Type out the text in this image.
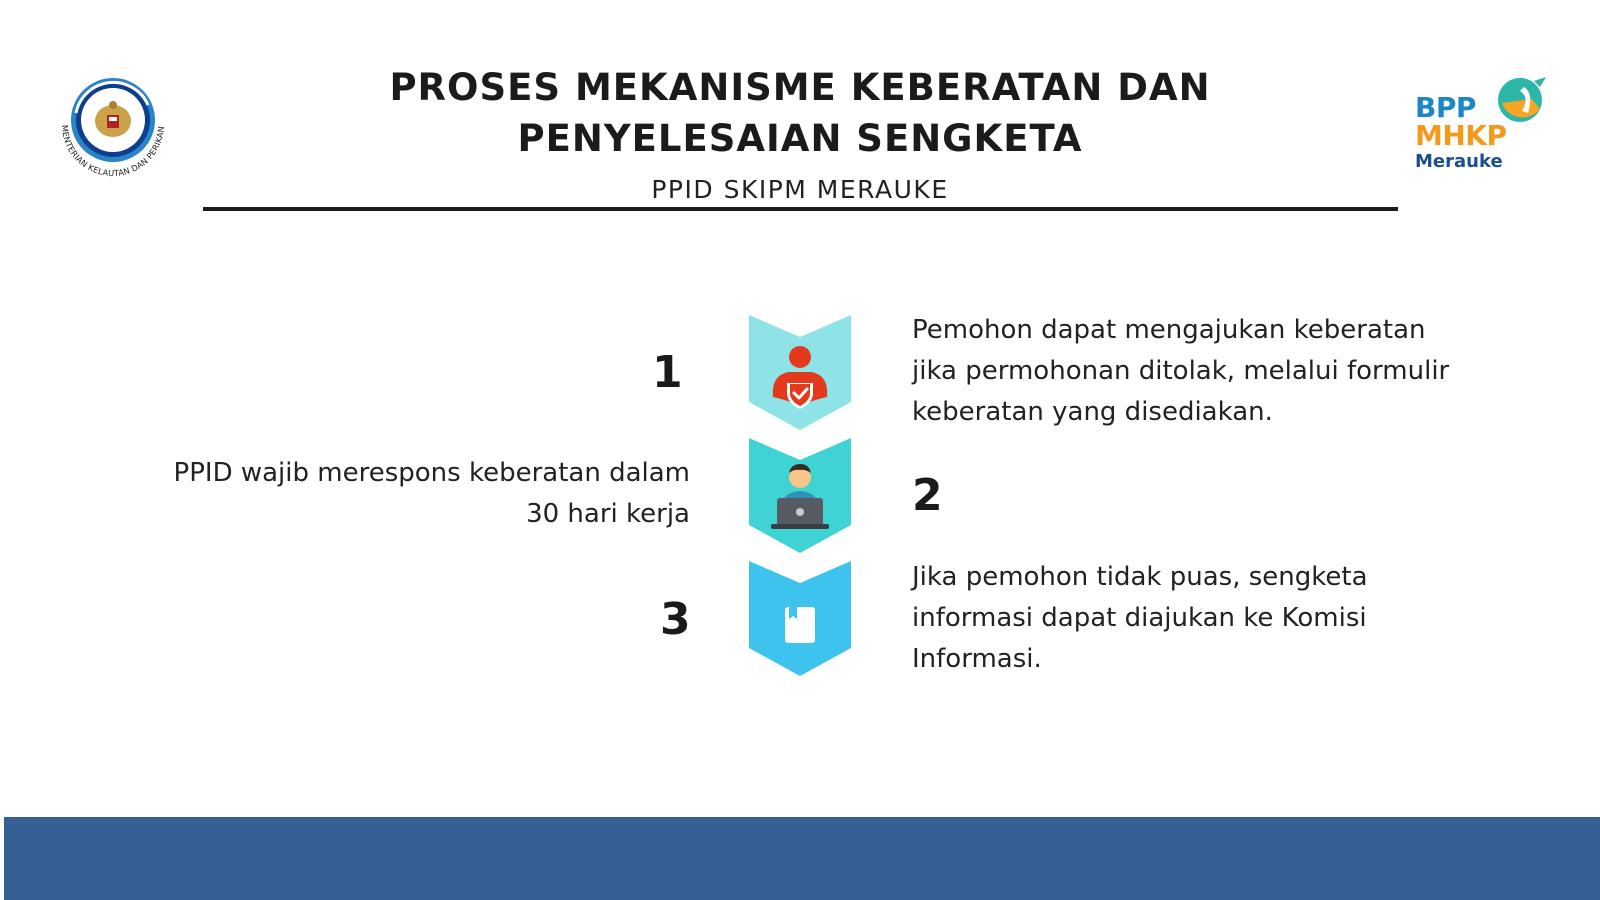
MENTERIAN KELAUTAN DAN PERIKAN
PROSES MEKANISME KEBERATAN DAN
PENYELESAIAN SENGKETA
PPID SKIPM MERAUKE
BPP
MHKP
Merauke
1
Pemohon dapat mengajukan keberatan jika permohonan ditolak, melalui formulir keberatan yang disediakan.
PPID wajib merespons keberatan dalam 30 hari kerja	2
3
Jika pemohon tidak puas, sengketa informasi dapat diajukan ke Komisi Informasi.
